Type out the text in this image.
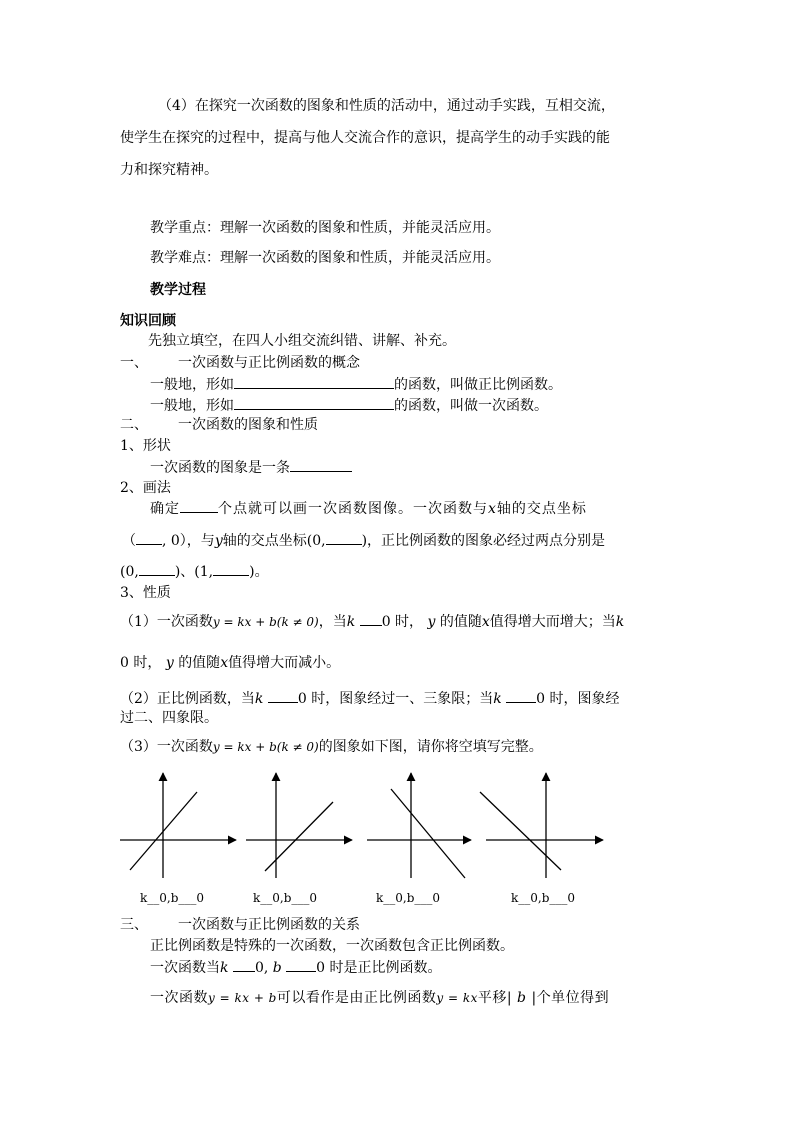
（4）在探究一次函数的图象和性质的活动中，通过动手实践，互相交流，
使学生在探究的过程中，提高与他人交流合作的意识，提高学生的动手实践的能
力和探究精神。
教学重点：理解一次函数的图象和性质，并能灵活应用。
教学难点：理解一次函数的图象和性质，并能灵活应用。
教学过程
知识回顾
先独立填空，在四人小组交流纠错、讲解、补充。
一、 一次函数与正比例函数的概念
一般地，形如	的函数，叫做正比例函数。
一般地，形如	的函数，叫做一次函数。
二、 一次函数的图象和性质
1、形状
一次函数的图象是一条
2、画法
确定	个点就可以画一次函数图像。一次函数与x轴的交点坐标
（ , 0），与y轴的交点坐标(0,	)，正比例函数的图象必经过两点分别是
(0,	)、(1,	)。
3、性质
（1）一次函数y = kx + b(k ≠ 0)，当k 0 时， y 的值随x值得增大而增大；当k
0 时， y 的值随x值得增大而减小。
（2）正比例函数，当k 0 时，图象经过一、三象限；当k 0 时，图象经
过二、四象限。
（3）一次函数y = kx + b(k ≠ 0)的图象如下图，请你将空填写完整。
k__0,b___0	k__0,b___0	k__0,b___0	k__0,b___0
三、 一次函数与正比例函数的关系
正比例函数是特殊的一次函数，一次函数包含正比例函数。
一次函数当k 0, b 0 时是正比例函数。
一次函数y = kx + b可以看作是由正比例函数y = kx平移| b |个单位得到
